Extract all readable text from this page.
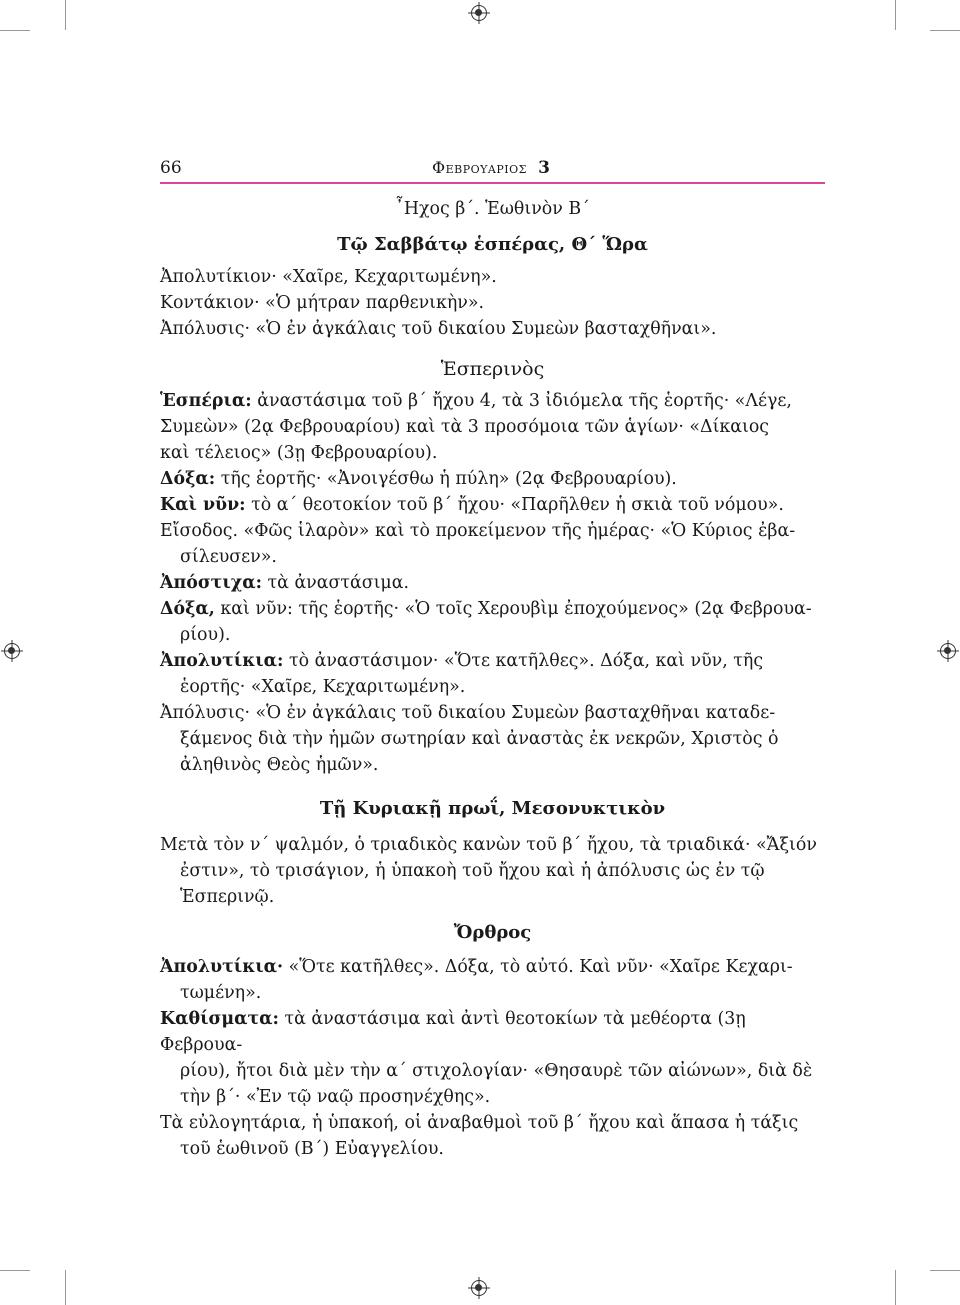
66	Φεβρουαριος 3

῏Ηχος β΄. Ἑωθινὸν Β΄

Τῷ Σαββάτῳ ἑσπέρας, Θ΄ Ὥρα

Ἀπολυτίκιον· «Χαῖρε, Κεχαριτωμένη».

Κοντάκιον· «Ὁ μήτραν παρθενικὴν».

Ἀπόλυσις· «Ὁ ἐν ἀγκάλαις τοῦ δικαίου Συμεὼν βασταχθῆναι».

Ἑσπερινὸς

Ἑσπέρια: ἀναστάσιμα τοῦ β΄ ἤχου 4, τὰ 3 ἰδιόμελα τῆς ἑορτῆς· «Λέγε,
Συμεὼν» (2ᾳ Φεβρουαρίου) καὶ τὰ 3 προσόμοια τῶν ἁγίων· «Δίκαιος
καὶ τέλειος» (3ῃ Φεβρουαρίου).

Δόξα: τῆς ἑορτῆς· «Ἀνοιγέσθω ἡ πύλη» (2ᾳ Φεβρουαρίου).

Καὶ νῦν: τὸ α΄ θεοτοκίον τοῦ β΄ ἤχου· «Παρῆλθεν ἡ σκιὰ τοῦ νόμου».

Εἴσοδος. «Φῶς ἱλαρὸν» καὶ τὸ προκείμενον τῆς ἡμέρας· «Ὁ Κύριος ἐβα-
σίλευσεν».

Ἀπόστιχα: τὰ ἀναστάσιμα.

Δόξα, καὶ νῦν: τῆς ἑορτῆς· «Ὁ τοῖς Χερουβὶμ ἐποχούμενος» (2ᾳ Φεβρουα-
ρίου).

Ἀπολυτίκια: τὸ ἀναστάσιμον· «Ὅτε κατῆλθες». Δόξα, καὶ νῦν, τῆς
ἑορτῆς· «Χαῖρε, Κεχαριτωμένη».

Ἀπόλυσις· «Ὁ ἐν ἀγκάλαις τοῦ δικαίου Συμεὼν βασταχθῆναι καταδε-
ξάμενος διὰ τὴν ἡμῶν σωτηρίαν καὶ ἀναστὰς ἐκ νεκρῶν, Χριστὸς ὁ
ἀληθινὸς Θεὸς ἡμῶν».

Τῇ Κυριακῇ πρωΐ, Μεσονυκτικὸν

Μετὰ τὸν ν΄ ψαλμόν, ὁ τριαδικὸς κανὼν τοῦ β΄ ἤχου, τὰ τριαδικά· «Ἄξιόν
ἐστιν», τὸ τρισάγιον, ἡ ὑπακοὴ τοῦ ἤχου καὶ ἡ ἀπόλυσις ὡς ἐν τῷ
Ἑσπερινῷ.

Ὄρθρος

Ἀπολυτίκια· «Ὅτε κατῆλθες». Δόξα, τὸ αὐτό. Καὶ νῦν· «Χαῖρε Κεχαρι-
τωμένη».

Καθίσματα: τὰ ἀναστάσιμα καὶ ἀντὶ θεοτοκίων τὰ μεθέορτα (3ῃ Φεβρουα-
ρίου), ἤτοι διὰ μὲν τὴν α΄ στιχολογίαν· «Θησαυρὲ τῶν αἰώνων», διὰ δὲ
τὴν β΄· «Ἐν τῷ ναῷ προσηνέχθης».

Τὰ εὐλογητάρια, ἡ ὑπακοή, οἱ ἀναβαθμοὶ τοῦ β΄ ἤχου καὶ ἅπασα ἡ τάξις
τοῦ ἑωθινοῦ (Β΄) Εὐαγγελίου.
